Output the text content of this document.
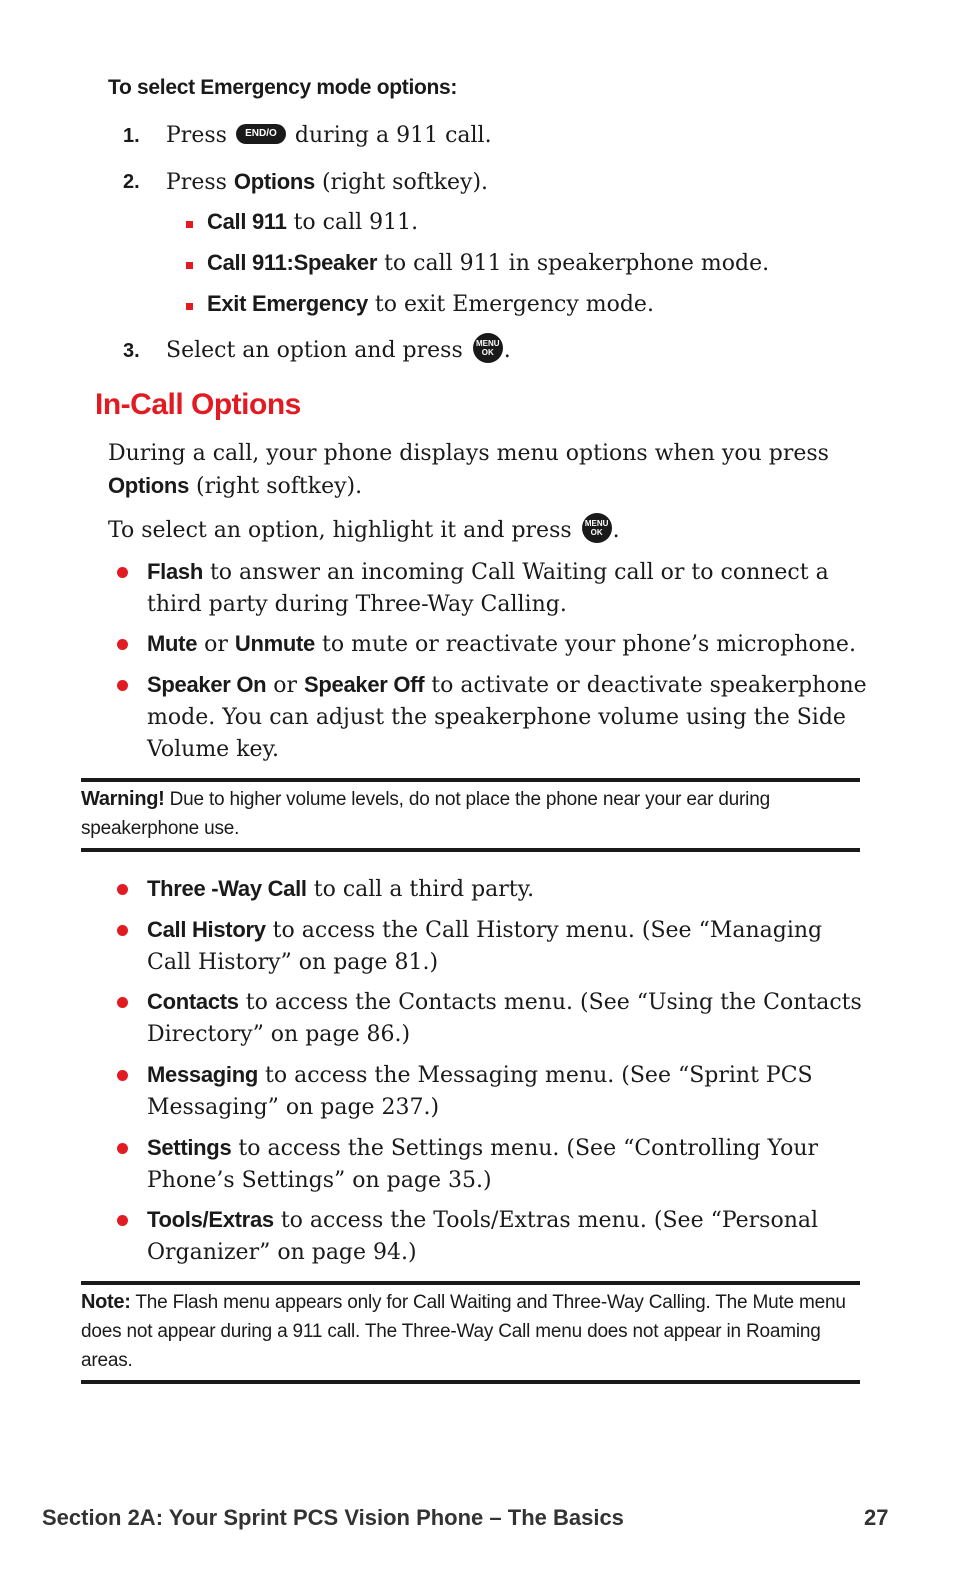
To select Emergency mode options:
1. Press END/O during a 911 call.
2. Press Options (right softkey).
Call 911 to call 911.
Call 911:Speaker to call 911 in speakerphone mode.
Exit Emergency to exit Emergency mode.
3. Select an option and press MENU
OK .
In-Call Options
During a call, your phone displays menu options when you press
Options (right softkey).
To select an option, highlight it and press MENU
OK .
Flash to answer an incoming Call Waiting call or to connect a third party during Three-Way Calling.
Mute or Unmute to mute or reactivate your phone’s microphone.
Speaker On or Speaker Off to activate or deactivate speakerphone mode. You can adjust the speakerphone volume using the Side Volume key.
Warning! Due to higher volume levels, do not place the phone near your ear during speakerphone use.
Three -Way Call to call a third party.
Call History to access the Call History menu. (See “Managing Call History” on page 81.)
Contacts to access the Contacts menu. (See “Using the Contacts Directory” on page 86.)
Messaging to access the Messaging menu. (See “Sprint PCS Messaging” on page 237.)
Settings to access the Settings menu. (See “Controlling Your Phone’s Settings” on page 35.)
Tools/Extras to access the Tools/Extras menu. (See “Personal Organizer” on page 94.)
Note: The Flash menu appears only for Call Waiting and Three-Way Calling. The Mute menu does not appear during a 911 call. The Three-Way Call menu does not appear in Roaming areas.
Section 2A: Your Sprint PCS Vision Phone – The Basics	27
